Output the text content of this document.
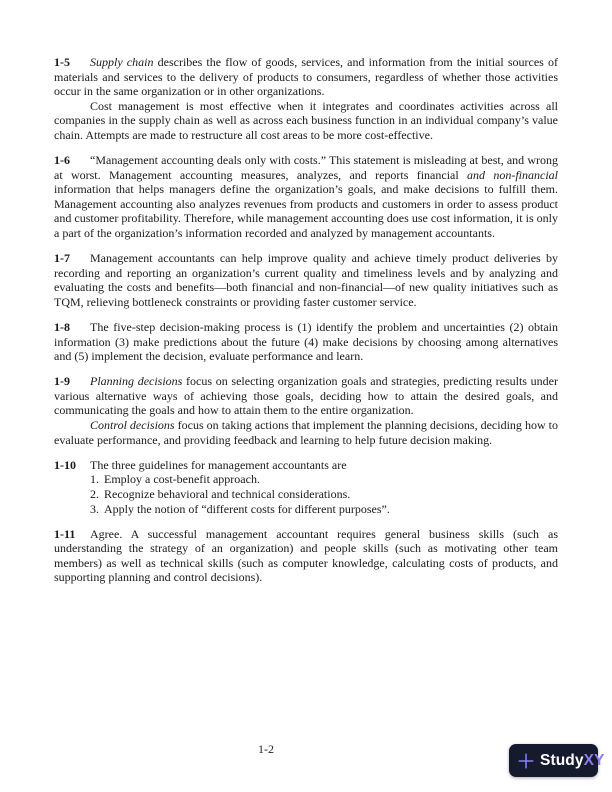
1-5 Supply chain describes the flow of goods, services, and information from the initial sources of materials and services to the delivery of products to consumers, regardless of whether those activities occur in the same organization or in other organizations.

Cost management is most effective when it integrates and coordinates activities across all companies in the supply chain as well as across each business function in an individual company’s value chain. Attempts are made to restructure all cost areas to be more cost-effective.

1-6 “Management accounting deals only with costs.” This statement is misleading at best, and wrong at worst. Management accounting measures, analyzes, and reports financial and non-financial information that helps managers define the organization’s goals, and make decisions to fulfill them. Management accounting also analyzes revenues from products and customers in order to assess product and customer profitability. Therefore, while management accounting does use cost information, it is only a part of the organization’s information recorded and analyzed by management accountants.

1-7 Management accountants can help improve quality and achieve timely product deliveries by recording and reporting an organization’s current quality and timeliness levels and by analyzing and evaluating the costs and benefits—both financial and non-financial—of new quality initiatives such as TQM, relieving bottleneck constraints or providing faster customer service.

1-8 The five-step decision-making process is (1) identify the problem and uncertainties (2) obtain information (3) make predictions about the future (4) make decisions by choosing among alternatives and (5) implement the decision, evaluate performance and learn.

1-9 Planning decisions focus on selecting organization goals and strategies, predicting results under various alternative ways of achieving those goals, deciding how to attain the desired goals, and communicating the goals and how to attain them to the entire organization.

Control decisions focus on taking actions that implement the planning decisions, deciding how to evaluate performance, and providing feedback and learning to help future decision making.

1-10 The three guidelines for management accountants are

1. Employ a cost-benefit approach.
2. Recognize behavioral and technical considerations.
3. Apply the notion of “different costs for different purposes”.

1-11 Agree. A successful management accountant requires general business skills (such as understanding the strategy of an organization) and people skills (such as motivating other team members) as well as technical skills (such as computer knowledge, calculating costs of products, and supporting planning and control decisions).

1-2
StudyXY
